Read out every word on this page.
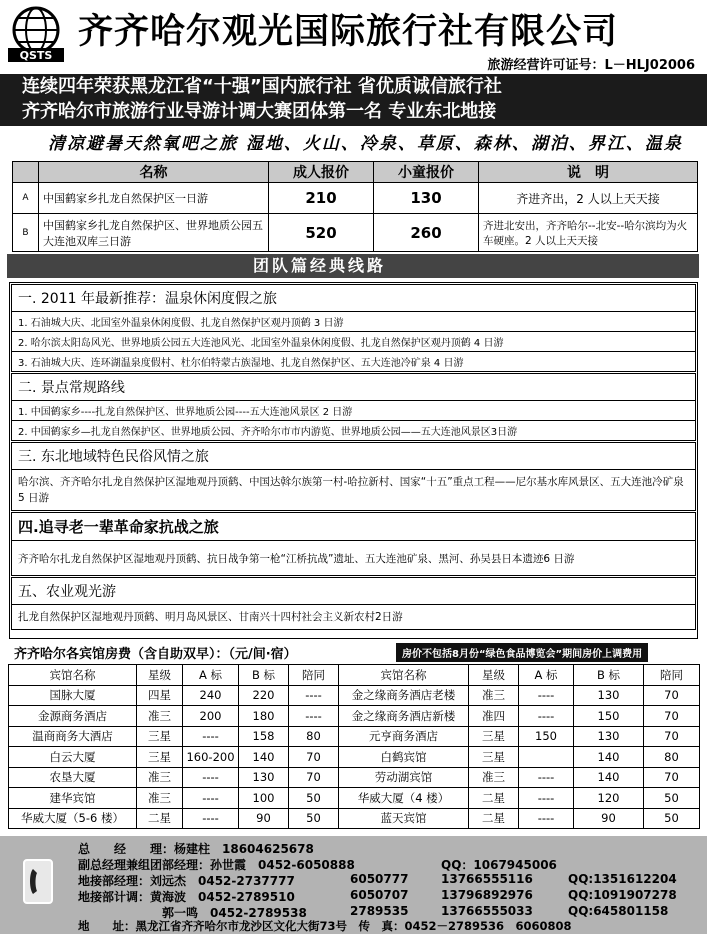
QSTS
齐齐哈尔观光国际旅行社有限公司
旅游经营许可证号：L－HLJ02006
连续四年荣获黑龙江省“十强”国内旅行社 省优质诚信旅行社
齐齐哈尔市旅游行业导游计调大赛团体第一名 专业东北地接
清凉避暑天然氧吧之旅 湿地、火山、冷泉、草原、森林、湖泊、界江、温泉
	名称	成人报价	小童报价	说　明
A	中国鹤家乡扎龙自然保护区一日游	210	130	齐进齐出，2 人以上天天接
B	中国鹤家乡扎龙自然保护区、世界地质公园五大连池双库三日游	520	260	齐进北安出，齐齐哈尔--北安--哈尔滨均为火车硬座。2 人以上天天接
团队篇经典线路
一. 2011 年最新推荐：温泉休闲度假之旅
1. 石油城大庆、北国室外温泉休闲度假、扎龙自然保护区观丹顶鹤 3 日游
2. 哈尔滨太阳岛风光、世界地质公园五大连池风光、北国室外温泉休闲度假、扎龙自然保护区观丹顶鹤 4 日游
3. 石油城大庆、连环湖温泉度假村、杜尔伯特蒙古族湿地、扎龙自然保护区、五大连池冷矿泉 4 日游
二. 景点常规路线
1. 中国鹤家乡----扎龙自然保护区、世界地质公园----五大连池风景区 2 日游
2. 中国鹤家乡—扎龙自然保护区、世界地质公园、齐齐哈尔市市内游览、世界地质公园——五大连池风景区3日游
三. 东北地域特色民俗风情之旅
哈尔滨、齐齐哈尔扎龙自然保护区湿地观丹顶鹤、中国达斡尔族第一村-哈拉新村、国家“十五”重点工程——尼尔基水库风景区、五大连池冷矿泉 5 日游
四.追寻老一辈革命家抗战之旅
齐齐哈尔扎龙自然保护区湿地观丹顶鹤、抗日战争第一枪“江桥抗战”遗址、五大连池矿泉、黑河、孙吴县日本遗迹6 日游
五、农业观光游
扎龙自然保护区湿地观丹顶鹤、明月岛风景区、甘南兴十四村社会主义新农村2日游
齐齐哈尔各宾馆房费（含自助双早）：（元/间·宿）	房价不包括8月份“绿色食品博览会”期间房价上调费用
宾馆名称	星级	A 标	B 标	陪同	宾馆名称	星级	A 标	B 标	陪同
国脉大厦	四星	240	220	----	金之缘商务酒店老楼	准三	----	130	70
金源商务酒店	准三	200	180	----	金之缘商务酒店新楼	准四	----	150	70
温商商务大酒店	三星	----	158	80	元亨商务酒店	三星	150	130	70
白云大厦	三星	160-200	140	70	白鹤宾馆	三星		140	80
农垦大厦	准三	----	130	70	劳动湖宾馆	准三	----	140	70
建华宾馆	准三	----	100	50	华威大厦（4 楼）	二星	----	120	50
华威大厦（5-6 楼）	二星	----	90	50	蓝天宾馆	二星	----	90	50
总　　经　　理：杨建柱　18604625678
副总经理兼组团部经理：孙世霞　0452-6050888	QQ：1067945006
地接部经理：刘远杰　0452-2737777	6050777	13766555116	QQ:1351612204
地接部计调：黄海波　0452-2789510	6050707	13796892976	QQ:1091907278
郭一鸣　0452-2789538	2789535	13766555033	QQ:645801158
地　　址：黑龙江省齐齐哈尔市龙沙区文化大街73号　传　真：0452－2789536　6060808
